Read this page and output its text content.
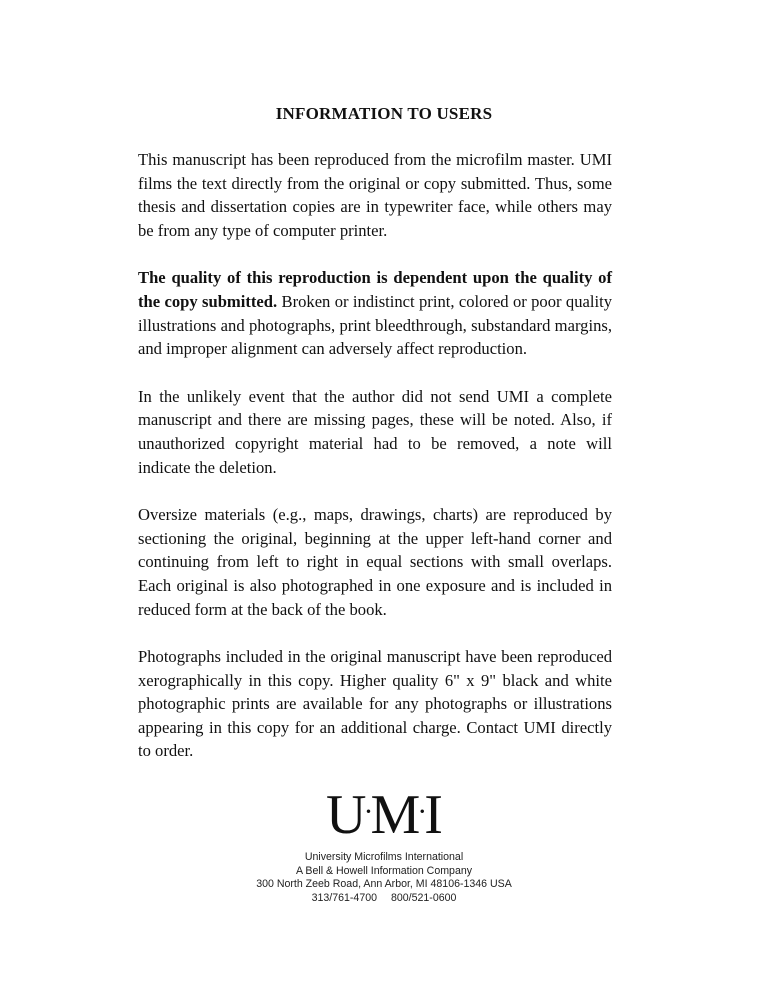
INFORMATION TO USERS

This manuscript has been reproduced from the microfilm master. UMI films the text directly from the original or copy submitted. Thus, some thesis and dissertation copies are in typewriter face, while others may be from any type of computer printer.

The quality of this reproduction is dependent upon the quality of the copy submitted. Broken or indistinct print, colored or poor quality illustrations and photographs, print bleedthrough, substandard margins, and improper alignment can adversely affect reproduction.

In the unlikely event that the author did not send UMI a complete manuscript and there are missing pages, these will be noted. Also, if unauthorized copyright material had to be removed, a note will indicate the deletion.

Oversize materials (e.g., maps, drawings, charts) are reproduced by sectioning the original, beginning at the upper left-hand corner and continuing from left to right in equal sections with small overlaps. Each original is also photographed in one exposure and is included in reduced form at the back of the book.

Photographs included in the original manuscript have been reproduced xerographically in this copy. Higher quality 6" x 9" black and white photographic prints are available for any photographs or illustrations appearing in this copy for an additional charge. Contact UMI directly to order.

U·M·I
University Microfilms International
A Bell & Howell Information Company
300 North Zeeb Road, Ann Arbor, MI 48106-1346 USA
313/761-4700 800/521-0600
